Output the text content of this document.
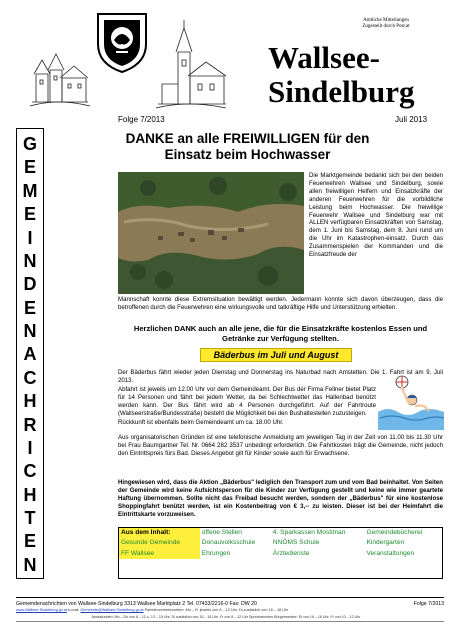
Amtliche Mitteilungen
Zugestellt durch Post.at
Wallsee-
Sindelburg
Folge 7/2013	Juli 2013
G
E
M
E
I
N
D
E
N
A
C
H
R
I
C
H
T
E
N
DANKE an alle FREIWILLIGEN für den
Einsatz beim Hochwasser
Die Marktgemeinde bedankt sich bei den beiden Feuerwehren Wallsee und Sindelburg, sowie allen freiwilligen Helfern und Einsatzkräfte der anderen Feuerwehren für die vorbildliche Leistung beim Hochwasser. Die freiwillige Feuerwehr Wallsee und Sindelburg war mit ALLEN verfügbaren Einsatzkräften von Samstag, dem 1. Juni bis Samstag, dem 8. Juni rund um die Uhr im Katastrophen-einsatz. Durch das Zusammenspielen der Kommanden und die Einsatzfreude der
Mannschaft konnte diese Extremsituation bewältigt werden. Jedermann konnte sich davon überzeugen, dass die betroffenen durch die Feuerwehren eine wirkungsvolle und tatkräftige Hilfe und Unterstützung erhielten.
Herzlichen DANK auch an alle jene, die für die Einsatzkräfte kostenlos Essen und Getränke zur Verfügung stellten.
Bäderbus im Juli und August
Der Bäderbus fährt wieder jeden Dienstag und Donnerstag ins Naturbad nach Amstetten. Die 1. Fahrt ist am 9. Juli 2013.
Abfahrt ist jeweils um 12.00 Uhr vor dem Gemeindeamt. Der Bus der Firma Fellner bietet Platz für 14 Personen und fährt bei jedem Wetter, da bei Schlechtwetter das Hallenbad benützt werden kann. Der Bus fährt wird ab 4 Personen durchgeführt. Auf der Fahrtroute (Wallseerstraße/Bundesstraße) besteht die Möglichkeit bei den Bushaltestellen zuzusteigen.
Rückkunft ist ebenfalls beim Gemeindeamt um ca. 18.00 Uhr.
Aus organisatorischen Gründen ist eine telefonische Anmeldung am jeweiligen Tag in der Zeit von 11.00 bis 11.30 Uhr bei Frau Baumgartner Tel. Nr. 0664 282 3537 unbedingt erforderlich. Die Fahrtkosten trägt die Gemeinde, nicht jedoch den Eintrittspreis fürs Bad. Dieses Angebot gilt für Kinder sowie auch für Erwachsene.
Hingewiesen wird, dass die Aktion „Bäderbus" lediglich den Transport zum und vom Bad beinhaltet. Von Seiten der Gemeinde wird keine Aufsichtsperson für die Kinder zur Verfügung gestellt und keine wie immer geartete Haftung übernommen. Sollte nicht das Freibad besucht werden, sondern der „Bäderbus" für eine kostenlose Shoppingfahrt benützt werden, ist ein Kostenbeitrag von € 3,-- zu leisten. Dieser ist bei der Heimfahrt die Eintrittskarte vorzuweisen.
Aus dem Inhalt:	offene Stellen	4. Sparkassen Mostiman	Gemeindebücherei
Gesunde Gemeinde	Donauvolksschule	NNÖMS Schule	Kindergarten
FF Wallsee	Ehrungen	Ärztedienste	Veranstaltungen
Gemeindenachrichten von Wallsee-Sindelburg 3313 Wallsee Marktplatz 2 Tel. 07433/2216-0 Fax: DW 20	Folge 7/2013
www.Wallsee-Sindelburg.gv.at e-mail: Gemeinde@Wallsee-Sindelburg.gv.at Parteienverkehrszeiten: Mo – Fr jeweils von 8 – 12 Uhr, Di zusätzlich von 16 – 18 Uhr
Amtsstunden: Mo – Do von 8 – 12 u. 13 – 15 Uhr, Di zusätzlich von 15 – 18 Uhr, Fr von 8 – 12 Uhr Sprechstunden Bürgermeister: Di von 16 – 18 Uhr, Fr von 10 – 12 Uhr
